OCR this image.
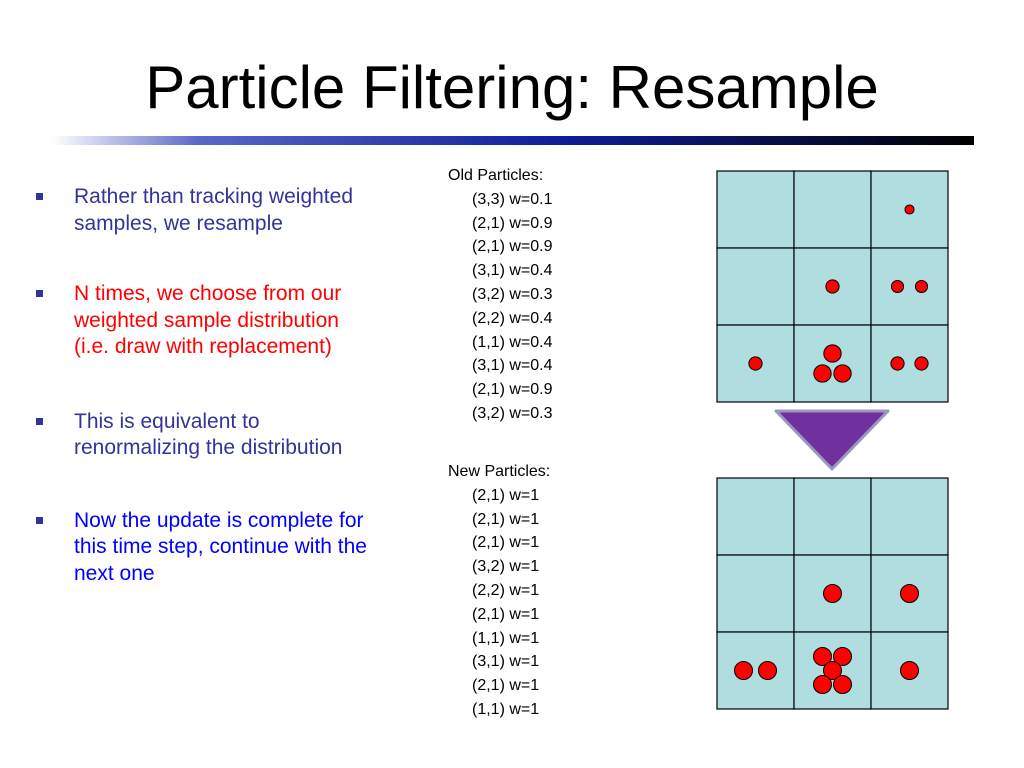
Particle Filtering: Resample
Rather than tracking weighted samples, we resample
N times, we choose from our weighted sample distribution (i.e. draw with replacement)
This is equivalent to renormalizing the distribution
Now the update is complete for this time step, continue with the next one
Old Particles:
(3,3) w=0.1
(2,1) w=0.9
(2,1) w=0.9
(3,1) w=0.4
(3,2) w=0.3
(2,2) w=0.4
(1,1) w=0.4
(3,1) w=0.4
(2,1) w=0.9
(3,2) w=0.3
New Particles:
(2,1) w=1
(2,1) w=1
(2,1) w=1
(3,2) w=1
(2,2) w=1
(2,1) w=1
(1,1) w=1
(3,1) w=1
(2,1) w=1
(1,1) w=1
